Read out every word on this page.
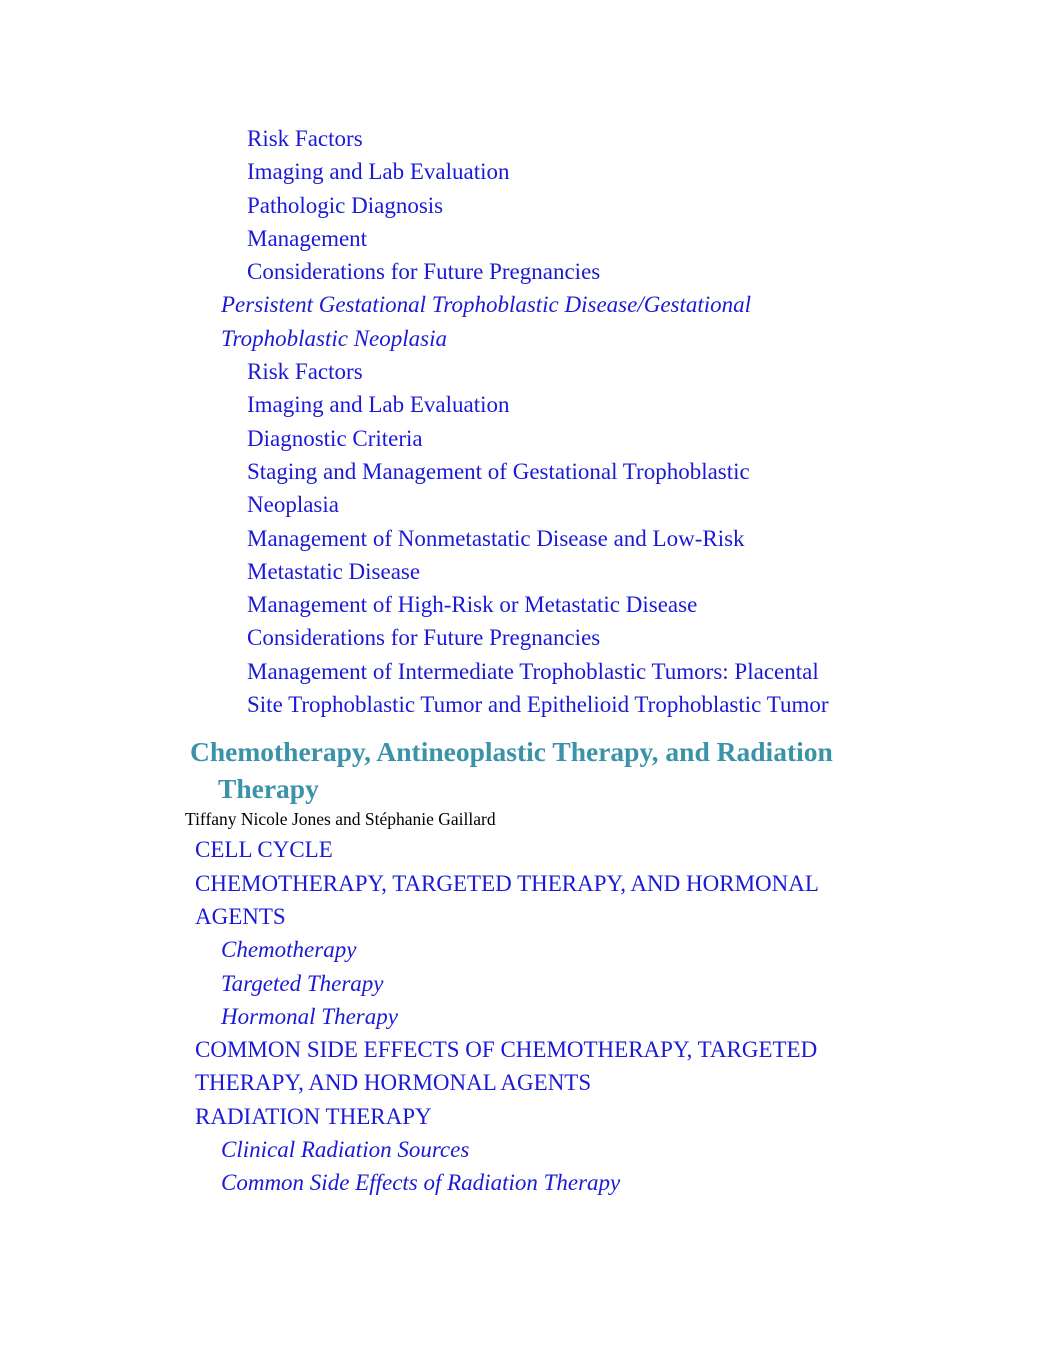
Risk Factors
Imaging and Lab Evaluation
Pathologic Diagnosis
Management
Considerations for Future Pregnancies
Persistent Gestational Trophoblastic Disease/Gestational
Trophoblastic Neoplasia
Risk Factors
Imaging and Lab Evaluation
Diagnostic Criteria
Staging and Management of Gestational Trophoblastic
Neoplasia
Management of Nonmetastatic Disease and Low-Risk
Metastatic Disease
Management of High-Risk or Metastatic Disease
Considerations for Future Pregnancies
Management of Intermediate Trophoblastic Tumors: Placental
Site Trophoblastic Tumor and Epithelioid Trophoblastic Tumor
Chemotherapy, Antineoplastic Therapy, and Radiation
Therapy
Tiffany Nicole Jones and Stéphanie Gaillard
CELL CYCLE
CHEMOTHERAPY, TARGETED THERAPY, AND HORMONAL
AGENTS
Chemotherapy
Targeted Therapy
Hormonal Therapy
COMMON SIDE EFFECTS OF CHEMOTHERAPY, TARGETED
THERAPY, AND HORMONAL AGENTS
RADIATION THERAPY
Clinical Radiation Sources
Common Side Effects of Radiation Therapy
